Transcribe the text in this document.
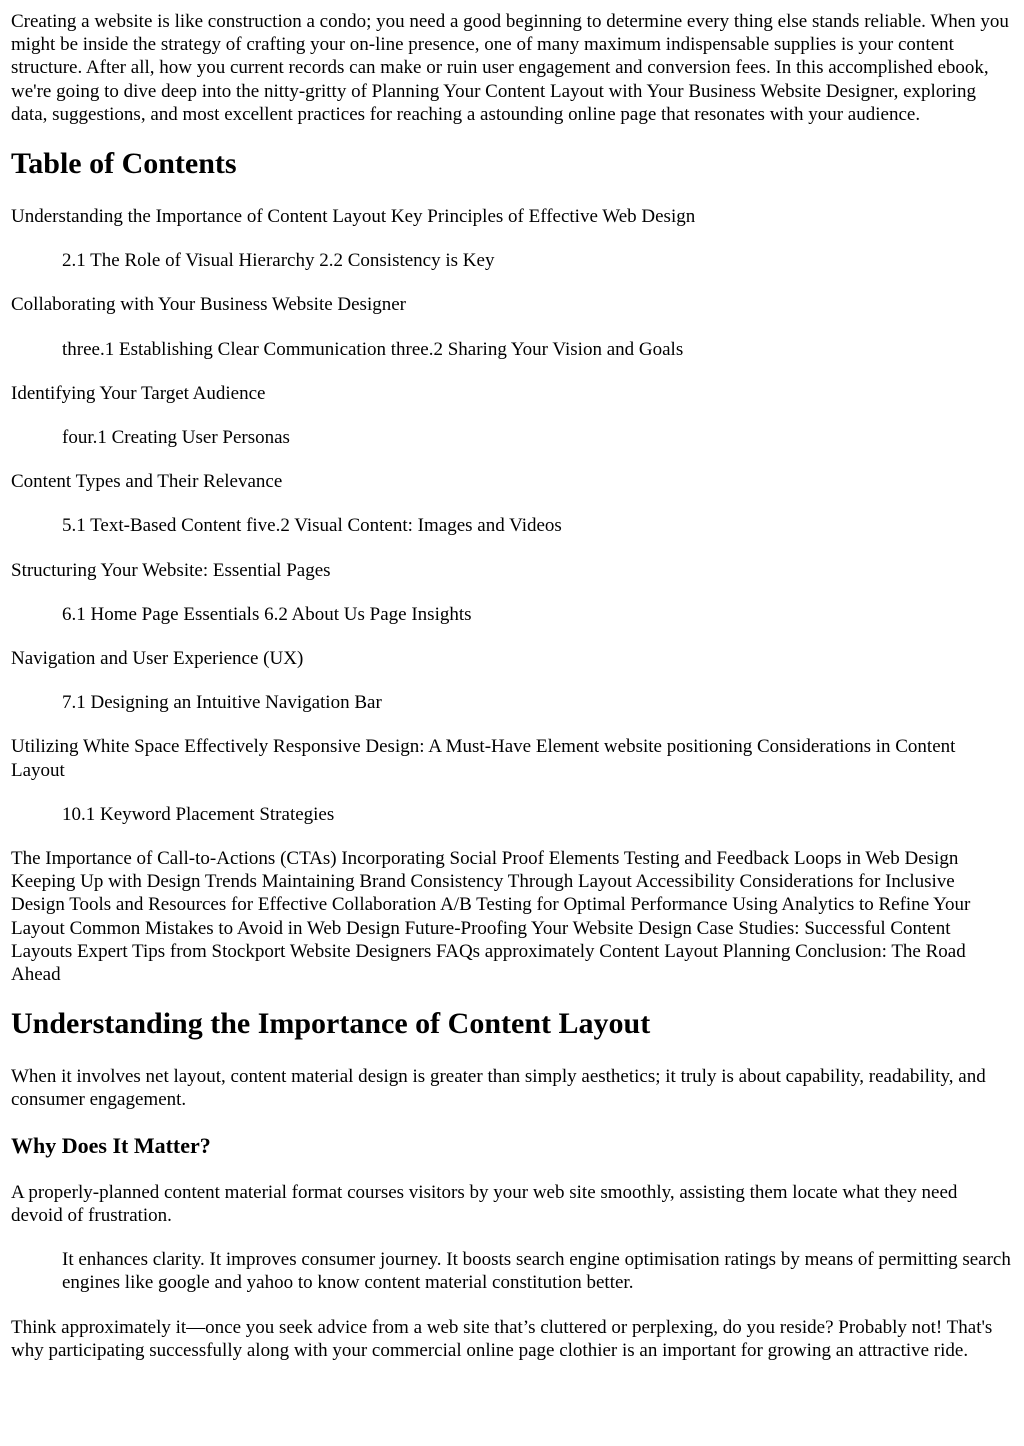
Creating a website is like construction a condo; you need a good beginning to determine every thing else stands reliable. When you might be inside the strategy of crafting your on-line presence, one of many maximum indispensable supplies is your content structure. After all, how you current records can make or ruin user engagement and conversion fees. In this accomplished ebook, we're going to dive deep into the nitty-gritty of Planning Your Content Layout with Your Business Website Designer, exploring data, suggestions, and most excellent practices for reaching a astounding online page that resonates with your audience.

Table of Contents
Understanding the Importance of Content Layout Key Principles of Effective Web Design
2.1 The Role of Visual Hierarchy 2.2 Consistency is Key
Collaborating with Your Business Website Designer
three.1 Establishing Clear Communication three.2 Sharing Your Vision and Goals
Identifying Your Target Audience
four.1 Creating User Personas
Content Types and Their Relevance
5.1 Text-Based Content five.2 Visual Content: Images and Videos
Structuring Your Website: Essential Pages
6.1 Home Page Essentials 6.2 About Us Page Insights
Navigation and User Experience (UX)
7.1 Designing an Intuitive Navigation Bar
Utilizing White Space Effectively Responsive Design: A Must-Have Element website positioning Considerations in Content Layout
10.1 Keyword Placement Strategies
The Importance of Call-to-Actions (CTAs) Incorporating Social Proof Elements Testing and Feedback Loops in Web Design Keeping Up with Design Trends Maintaining Brand Consistency Through Layout Accessibility Considerations for Inclusive Design Tools and Resources for Effective Collaboration A/B Testing for Optimal Performance Using Analytics to Refine Your Layout Common Mistakes to Avoid in Web Design Future-Proofing Your Website Design Case Studies: Successful Content Layouts Expert Tips from Stockport Website Designers FAQs approximately Content Layout Planning Conclusion: The Road Ahead
Understanding the Importance of Content Layout

When it involves net layout, content material design is greater than simply aesthetics; it truly is about capability, readability, and consumer engagement.

Why Does It Matter?

A properly-planned content material format courses visitors by your web site smoothly, assisting them locate what they need devoid of frustration.

It enhances clarity. It improves consumer journey. It boosts search engine optimisation ratings by means of permitting search engines like google and yahoo to know content material constitution better.

Think approximately it—once you seek advice from a web site that’s cluttered or perplexing, do you reside? Probably not! That's why participating successfully along with your commercial online page clothier is an important for growing an attractive ride.
